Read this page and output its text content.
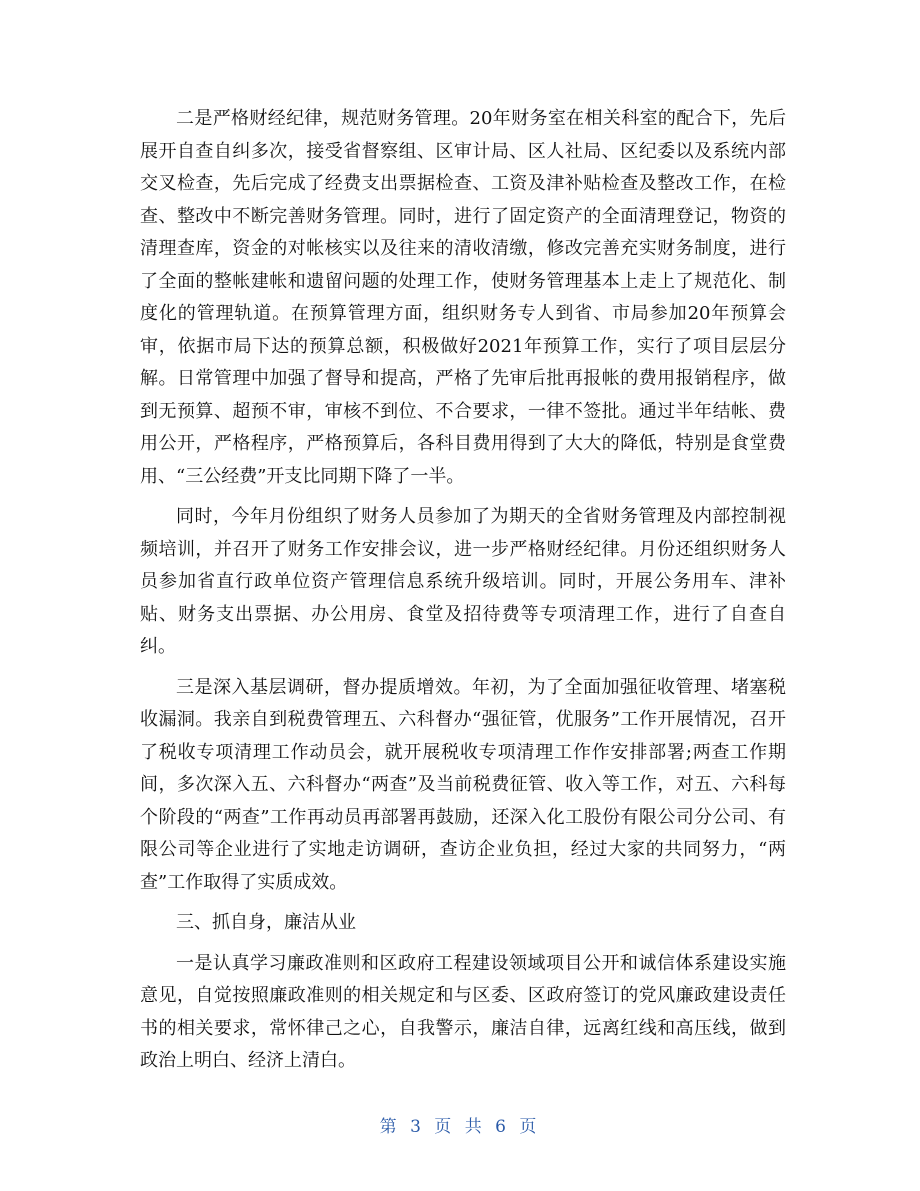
二是严格财经纪律，规范财务管理。20年财务室在相关科室的配合下，先后展开自查自纠多次，接受省督察组、区审计局、区人社局、区纪委以及系统内部交叉检查，先后完成了经费支出票据检查、工资及津补贴检查及整改工作，在检查、整改中不断完善财务管理。同时，进行了固定资产的全面清理登记，物资的清理查库，资金的对帐核实以及往来的清收清缴，修改完善充实财务制度，进行了全面的整帐建帐和遗留问题的处理工作，使财务管理基本上走上了规范化、制度化的管理轨道。在预算管理方面，组织财务专人到省、市局参加20年预算会审，依据市局下达的预算总额，积极做好2021年预算工作，实行了项目层层分解。日常管理中加强了督导和提高，严格了先审后批再报帐的费用报销程序，做到无预算、超预不审，审核不到位、不合要求，一律不签批。通过半年结帐、费用公开，严格程序，严格预算后，各科目费用得到了大大的降低，特别是食堂费用、“三公经费”开支比同期下降了一半。

同时，今年月份组织了财务人员参加了为期天的全省财务管理及内部控制视频培训，并召开了财务工作安排会议，进一步严格财经纪律。月份还组织财务人员参加省直行政单位资产管理信息系统升级培训。同时，开展公务用车、津补贴、财务支出票据、办公用房、食堂及招待费等专项清理工作，进行了自查自纠。

三是深入基层调研，督办提质增效。年初，为了全面加强征收管理、堵塞税收漏洞。我亲自到税费管理五、六科督办“强征管，优服务”工作开展情况，召开了税收专项清理工作动员会，就开展税收专项清理工作作安排部署;两查工作期间，多次深入五、六科督办“两查”及当前税费征管、收入等工作，对五、六科每个阶段的“两查”工作再动员再部署再鼓励，还深入化工股份有限公司分公司、有限公司等企业进行了实地走访调研，查访企业负担，经过大家的共同努力，“两查”工作取得了实质成效。

三、抓自身，廉洁从业

一是认真学习廉政准则和区政府工程建设领域项目公开和诚信体系建设实施意见，自觉按照廉政准则的相关规定和与区委、区政府签订的党风廉政建设责任书的相关要求，常怀律己之心，自我警示，廉洁自律，远离红线和高压线，做到政治上明白、经济上清白。

第 3 页 共 6 页
